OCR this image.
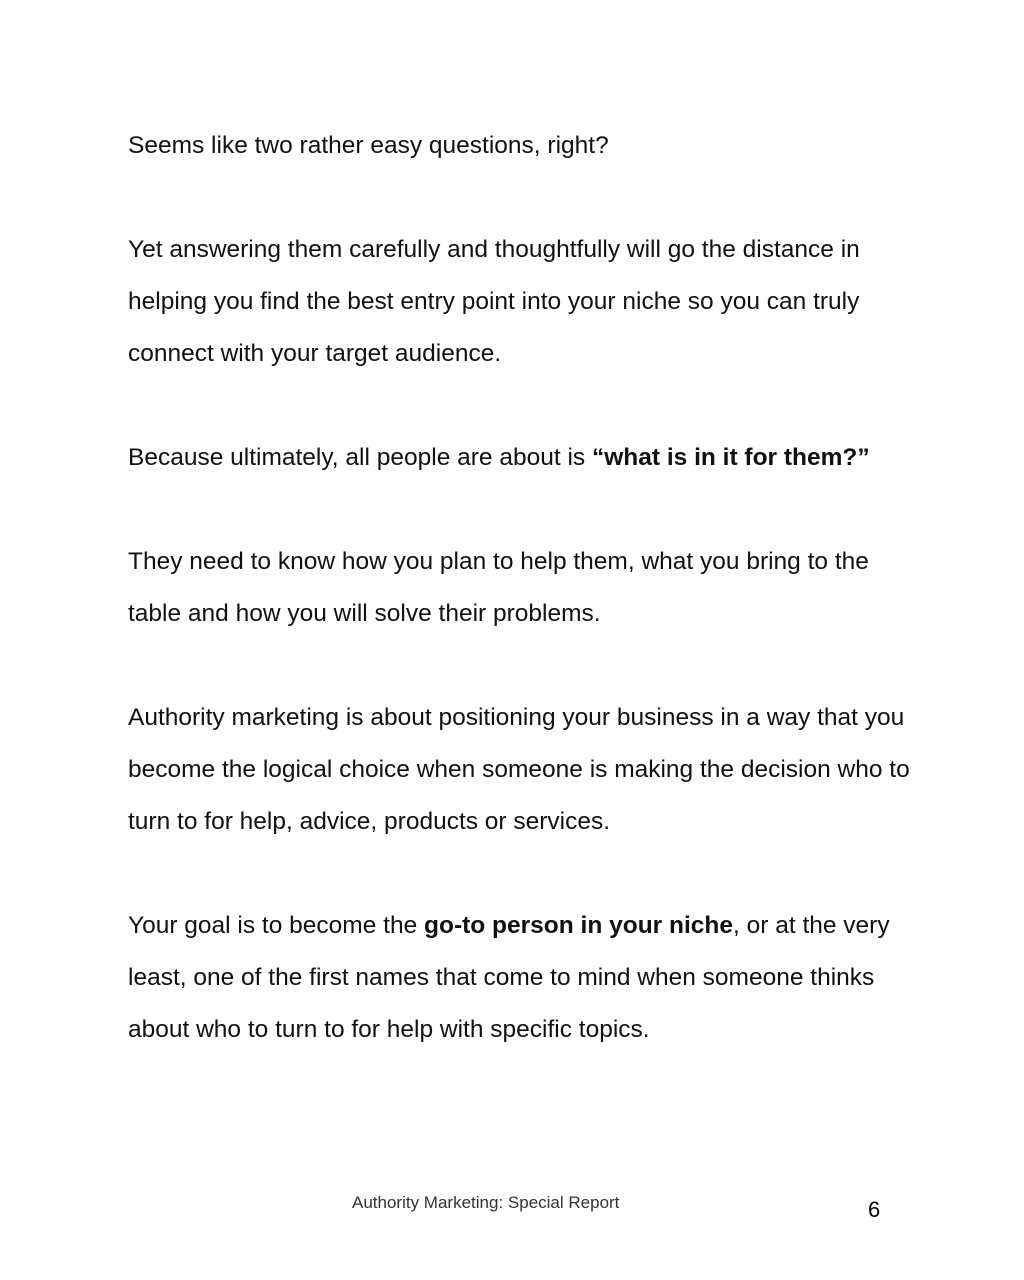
Seems like two rather easy questions, right?

Yet answering them carefully and thoughtfully will go the distance in helping you find the best entry point into your niche so you can truly connect with your target audience.

Because ultimately, all people are about is “what is in it for them?”

They need to know how you plan to help them, what you bring to the table and how you will solve their problems.

Authority marketing is about positioning your business in a way that you become the logical choice when someone is making the decision who to turn to for help, advice, products or services.

Your goal is to become the go-to person in your niche, or at the very least, one of the first names that come to mind when someone thinks about who to turn to for help with specific topics.

Authority Marketing: Special Report	6
